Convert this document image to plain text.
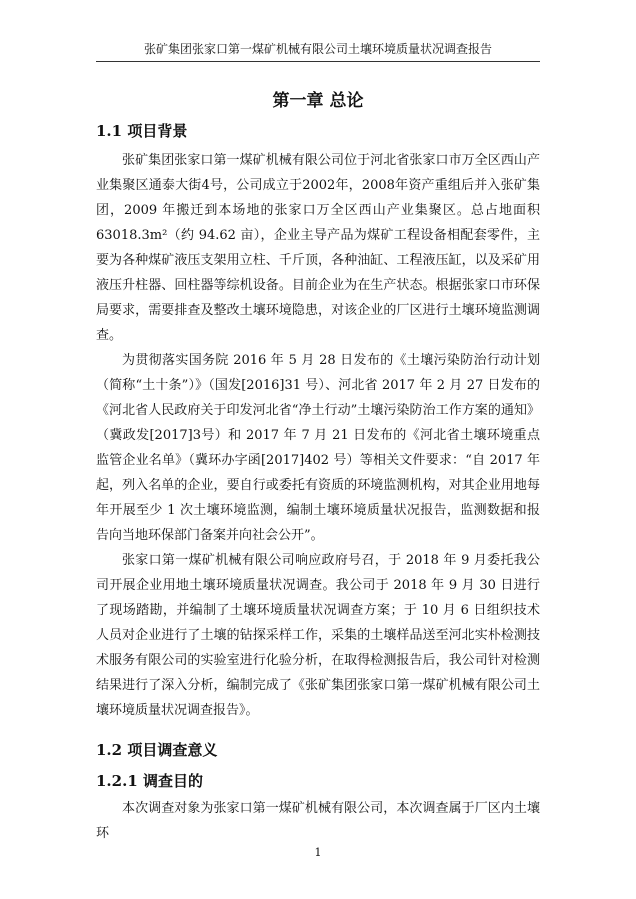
张矿集团张家口第一煤矿机械有限公司土壤环境质量状况调查报告
第一章 总论
1.1 项目背景
张矿集团张家口第一煤矿机械有限公司位于河北省张家口市万全区西山产业集聚区通泰大街4号，公司成立于2002年，2008年资产重组后并入张矿集团，2009 年搬迁到本场地的张家口万全区西山产业集聚区。总占地面积 63018.3m²（约 94.62 亩），企业主导产品为煤矿工程设备相配套零件，主要为各种煤矿液压支架用立柱、千斤顶，各种油缸、工程液压缸，以及采矿用液压升柱器、回柱器等综机设备。目前企业为在生产状态。根据张家口市环保局要求，需要排查及整改土壤环境隐患，对该企业的厂区进行土壤环境监测调查。
为贯彻落实国务院 2016 年 5 月 28 日发布的《土壤污染防治行动计划（简称“土十条”）》（国发[2016]31 号）、河北省 2017 年 2 月 27 日发布的《河北省人民政府关于印发河北省“净土行动”土壤污染防治工作方案的通知》（冀政发[2017]3号）和 2017 年 7 月 21 日发布的《河北省土壤环境重点监管企业名单》（冀环办字函[2017]402 号）等相关文件要求：“自 2017 年起，列入名单的企业，要自行或委托有资质的环境监测机构，对其企业用地每年开展至少 1 次土壤环境监测，编制土壤环境质量状况报告，监测数据和报告向当地环保部门备案并向社会公开”。
张家口第一煤矿机械有限公司响应政府号召，于 2018 年 9 月委托我公司开展企业用地土壤环境质量状况调查。我公司于 2018 年 9 月 30 日进行了现场踏勘，并编制了土壤环境质量状况调查方案；于 10 月 6 日组织技术人员对企业进行了土壤的钻探采样工作，采集的土壤样品送至河北实朴检测技术服务有限公司的实验室进行化验分析，在取得检测报告后，我公司针对检测结果进行了深入分析，编制完成了《张矿集团张家口第一煤矿机械有限公司土壤环境质量状况调查报告》。
1.2 项目调查意义
1.2.1 调查目的
本次调查对象为张家口第一煤矿机械有限公司，本次调查属于厂区内土壤环
1
